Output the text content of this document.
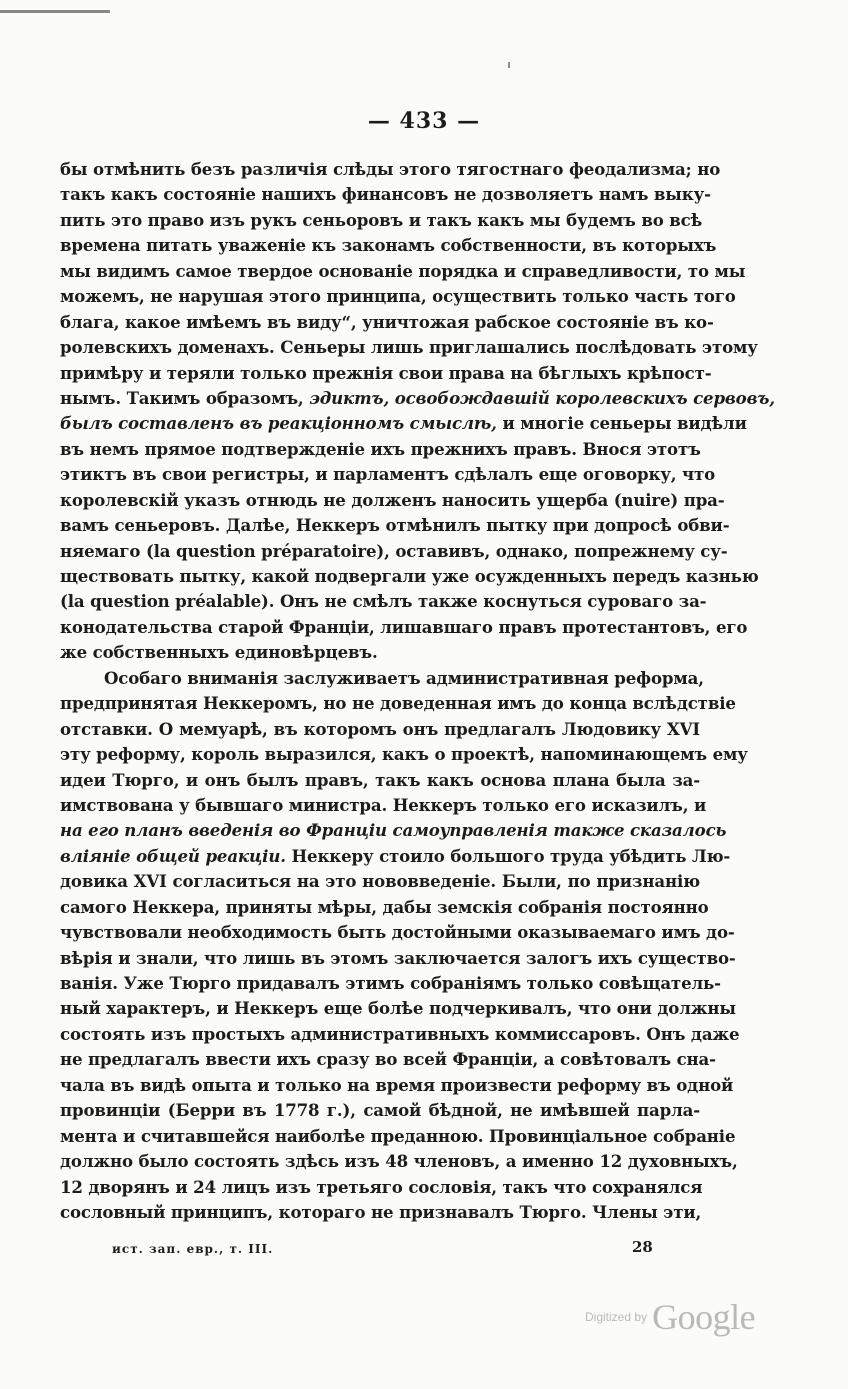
— 433 —
бы отмѣнить безъ различія слѣды этого тягостнаго феодализма; но
такъ какъ состояніе нашихъ финансовъ не дозволяетъ намъ выку-
пить это право изъ рукъ сеньоровъ и такъ какъ мы будемъ во всѣ
времена питать уваженіе къ законамъ собственности, въ которыхъ
мы видимъ самое твердое основаніе порядка и справедливости, то мы
можемъ, не нарушая этого принципа, осуществить только часть того
блага, какое имѣемъ въ виду“, уничтожая рабское состояніе въ ко-
ролевскихъ доменахъ. Сеньеры лишь приглашались послѣдовать этому
примѣру и теряли только прежнія свои права на бѣглыхъ крѣпост-
нымъ. Такимъ образомъ, эдиктъ, освобождавшій королевскихъ сервовъ,
былъ составленъ въ реакціонномъ смыслѣ, и многіе сеньеры видѣли
въ немъ прямое подтвержденіе ихъ прежнихъ правъ. Внося этотъ
этиктъ въ свои регистры, и парламентъ сдѣлалъ еще оговорку, что
королевскій указъ отнюдь не долженъ наносить ущерба (nuire) пра-
вамъ сеньеровъ. Далѣе, Неккеръ отмѣнилъ пытку при допросѣ обви-
няемаго (la question préparatoire), оставивъ, однако, попрежнему су-
ществовать пытку, какой подвергали уже осужденныхъ передъ казнью
(la question préalable). Онъ не смѣлъ также коснуться суроваго за-
конодательства старой Франціи, лишавшаго правъ протестантовъ, его
же собственныхъ единовѣрцевъ.
Особаго вниманія заслуживаетъ административная реформа,
предпринятая Неккеромъ, но не доведенная имъ до конца вслѣдствіе
отставки. О мемуарѣ, въ которомъ онъ предлагалъ Людовику XVI
эту реформу, король выразился, какъ о проектѣ, напоминающемъ ему
идеи Тюрго, и онъ былъ правъ, такъ какъ основа плана была за-
имствована у бывшаго министра. Неккеръ только его исказилъ, и
на его планъ введенія во Франціи самоуправленія также сказалось
вліяніе общей реакціи. Неккеру стоило большого труда убѣдить Лю-
довика XVI согласиться на это нововведеніе. Были, по признанію
самого Неккера, приняты мѣры, дабы земскія собранія постоянно
чувствовали необходимость быть достойными оказываемаго имъ до-
вѣрія и знали, что лишь въ этомъ заключается залогъ ихъ существо-
ванія. Уже Тюрго придавалъ этимъ собраніямъ только совѣщатель-
ный характеръ, и Неккеръ еще болѣе подчеркивалъ, что они должны
состоять изъ простыхъ административныхъ коммиссаровъ. Онъ даже
не предлагалъ ввести ихъ сразу во всей Франціи, а совѣтовалъ сна-
чала въ видѣ опыта и только на время произвести реформу въ одной
провинціи (Берри въ 1778 г.), самой бѣдной, не имѣвшей парла-
мента и считавшейся наиболѣе преданною. Провинціальное собраніе
должно было состоять здѣсь изъ 48 членовъ, а именно 12 духовныхъ,
12 дворянъ и 24 лицъ изъ третьяго сословія, такъ что сохранялся
сословный принципъ, котораго не признавалъ Тюрго. Члены эти,
ист. зап. евр., т. III.	28
Digitized by Google
